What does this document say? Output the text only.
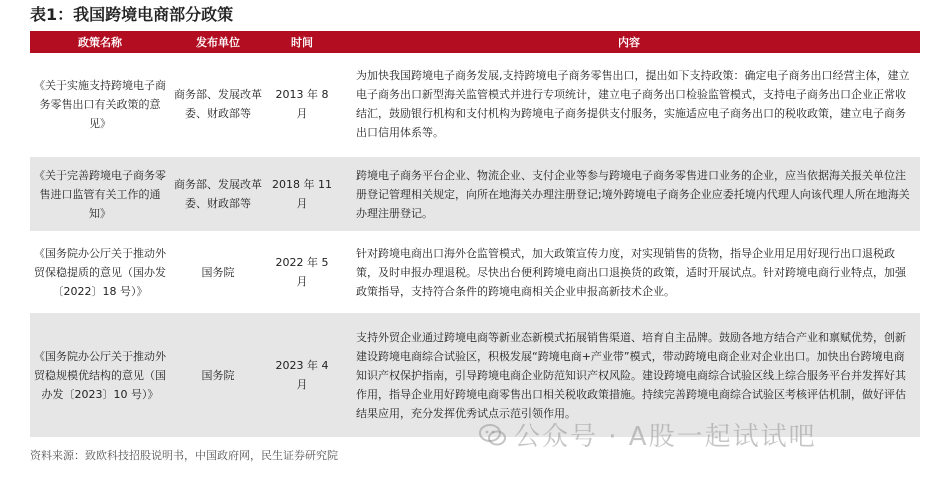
表1：我国跨境电商部分政策
政策名称	发布单位	时间	内容
《关于实施支持跨境电子商务零售出口有关政策的意见》	商务部、发展改革委、财政部等	2013 年 8 月	为加快我国跨境电子商务发展,支持跨境电子商务零售出口，提出如下支持政策：确定电子商务出口经营主体，建立电子商务出口新型海关监管模式并进行专项统计，建立电子商务出口检验监管模式，支持电子商务出口企业正常收结汇，鼓励银行机构和支付机构为跨境电子商务提供支付服务，实施适应电子商务出口的税收政策，建立电子商务出口信用体系等。
《关于完善跨境电子商务零售进口监管有关工作的通知》	商务部、发展改革委、财政部等	2018 年 11 月	跨境电子商务平台企业、物流企业、支付企业等参与跨境电子商务零售进口业务的企业，应当依据海关报关单位注册登记管理相关规定，向所在地海关办理注册登记;境外跨境电子商务企业应委托境内代理人向该代理人所在地海关办理注册登记。
《国务院办公厅关于推动外贸保稳提质的意见（国办发〔2022〕18 号）》	国务院	2022 年 5 月	针对跨境电商出口海外仓监管模式，加大政策宣传力度，对实现销售的货物，指导企业用足用好现行出口退税政策，及时申报办理退税。尽快出台便利跨境电商出口退换货的政策，适时开展试点。针对跨境电商行业特点，加强政策指导，支持符合条件的跨境电商相关企业申报高新技术企业。
《国务院办公厅关于推动外贸稳规模优结构的意见（国办发〔2023〕10 号）》	国务院	2023 年 4 月	支持外贸企业通过跨境电商等新业态新模式拓展销售渠道、培育自主品牌。鼓励各地方结合产业和禀赋优势，创新建设跨境电商综合试验区，积极发展“跨境电商+产业带”模式，带动跨境电商企业对企业出口。加快出台跨境电商知识产权保护指南，引导跨境电商企业防范知识产权风险。建设跨境电商综合试验区线上综合服务平台并发挥好其作用，指导企业用好跨境电商零售出口相关税收政策措施。持续完善跨境电商综合试验区考核评估机制，做好评估结果应用，充分发挥优秀试点示范引领作用。
资料来源：致欧科技招股说明书，中国政府网，民生证券研究院
公众号 · A股一起试试吧
